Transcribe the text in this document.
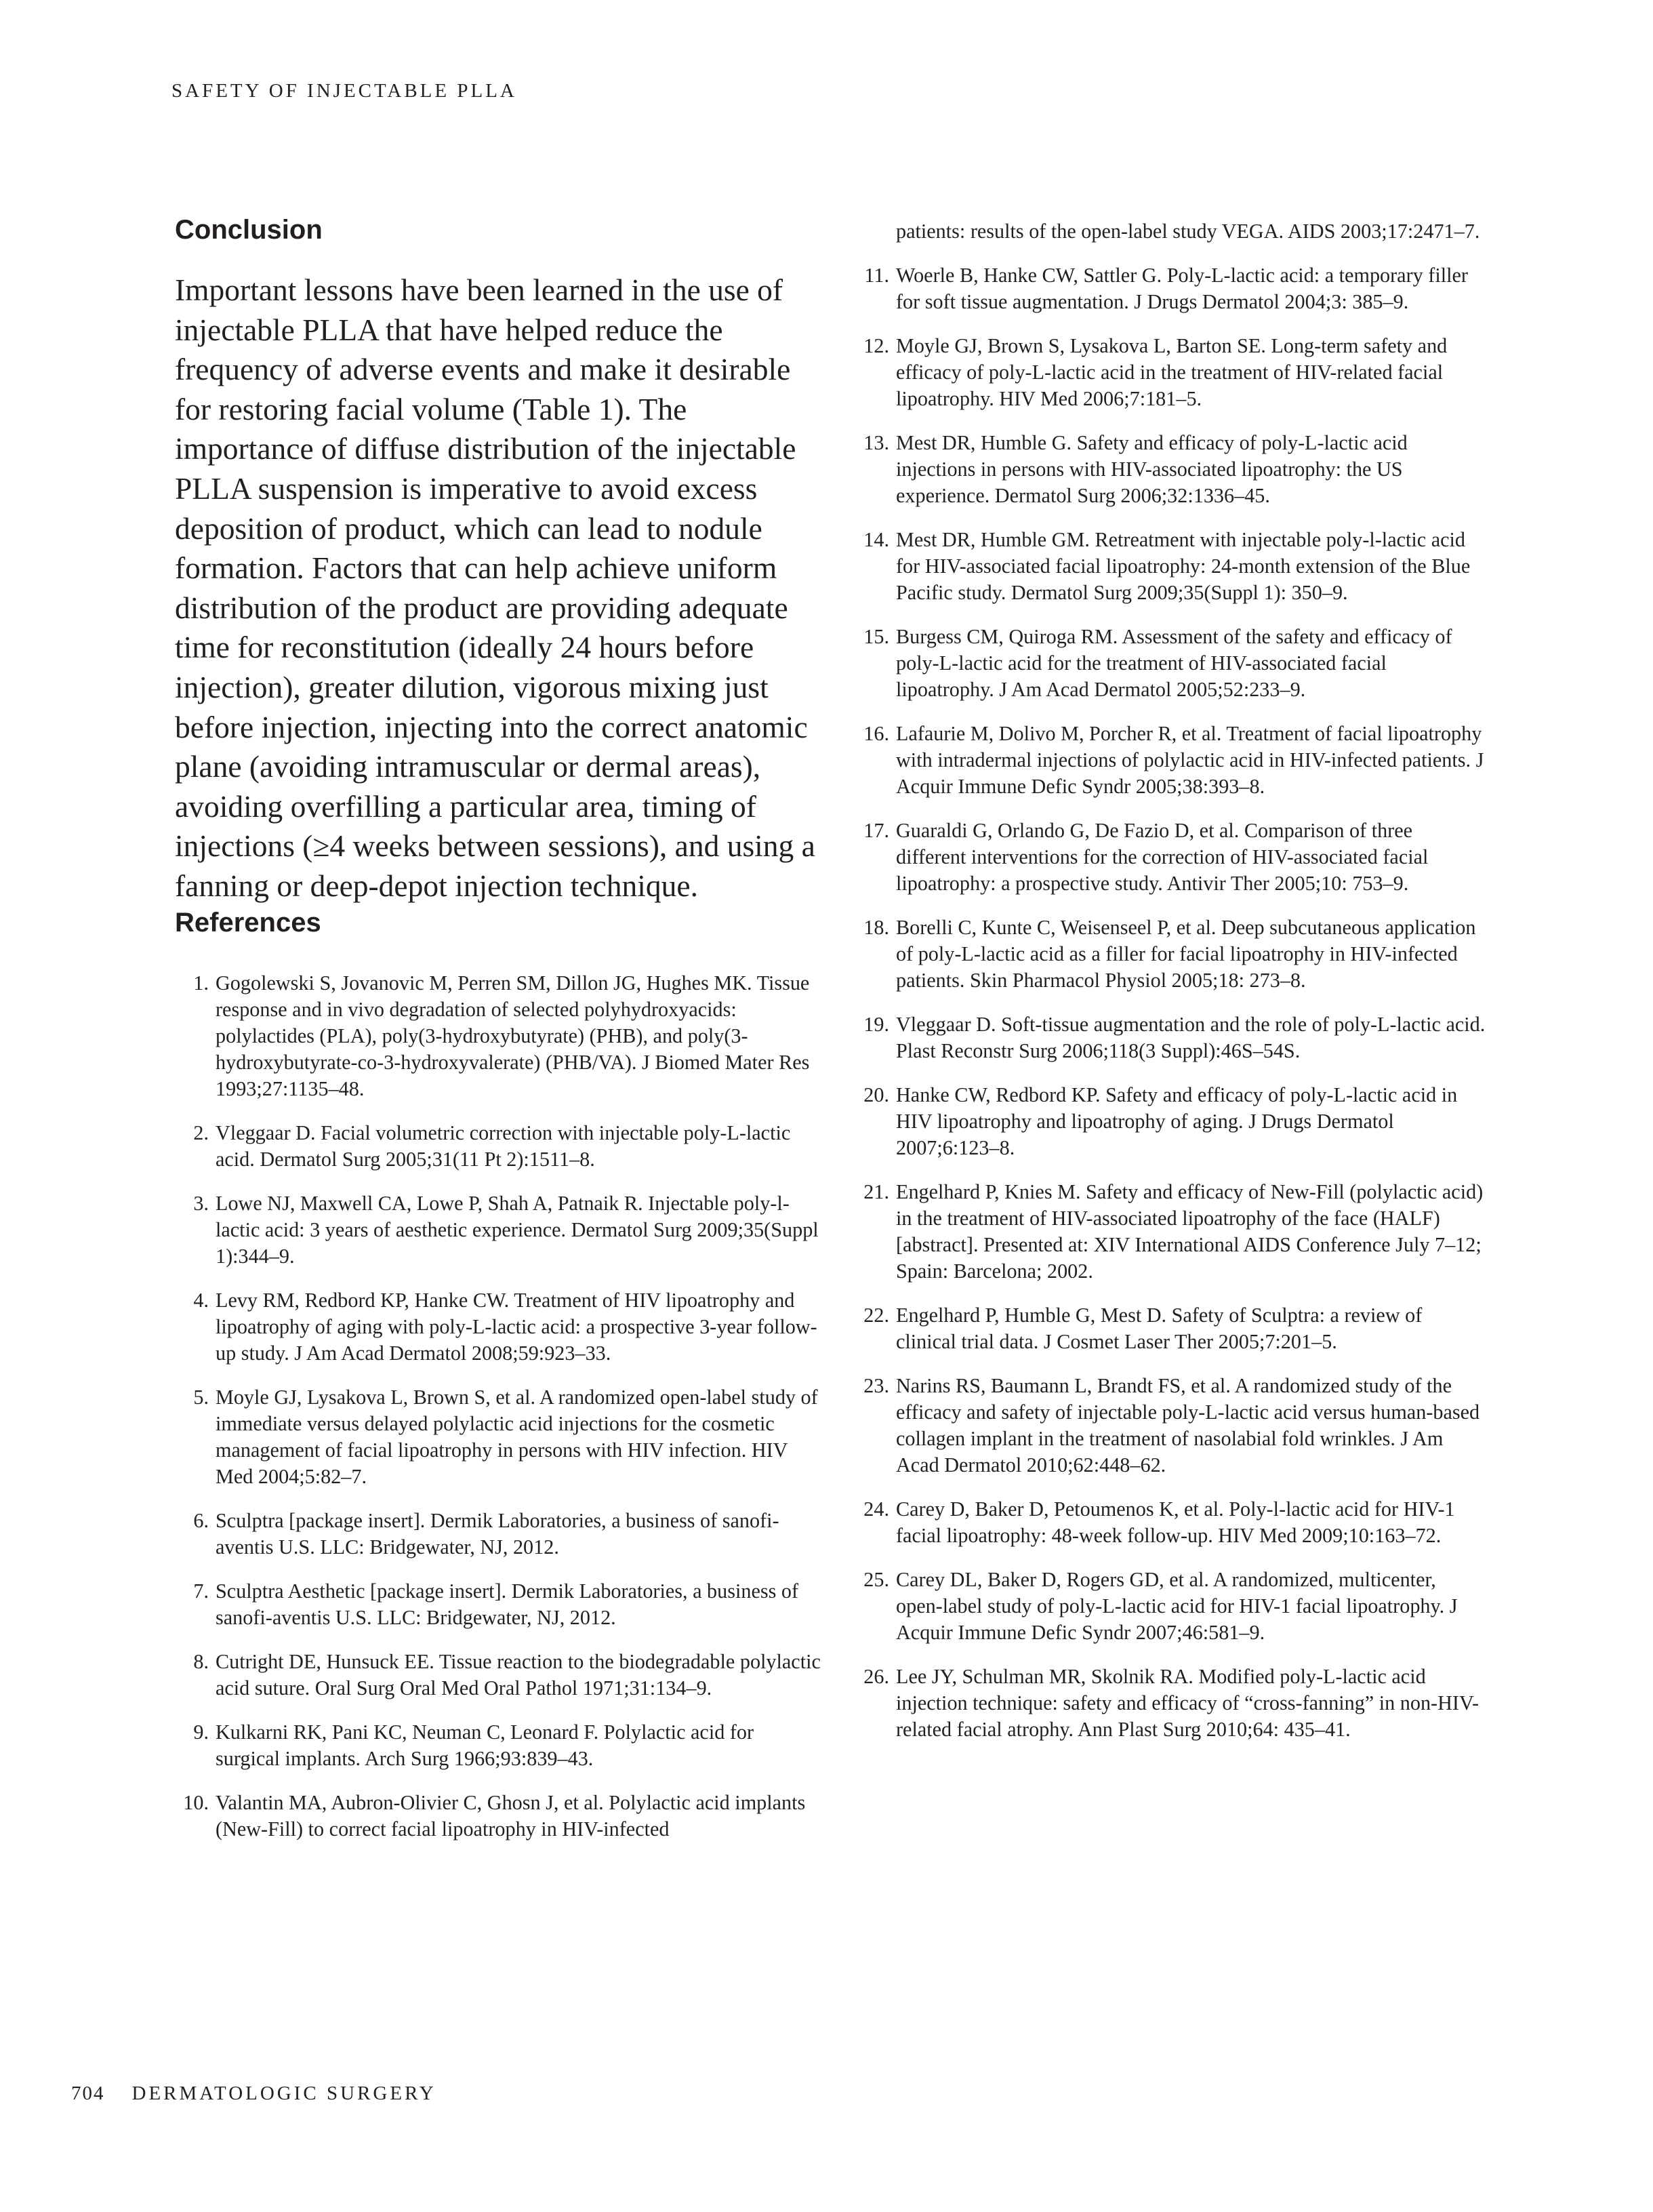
SAFETY OF INJECTABLE PLLA
Conclusion

Important lessons have been learned in the use of injectable PLLA that have helped reduce the frequency of adverse events and make it desirable for restoring facial volume (Table 1). The importance of diffuse distribution of the injectable PLLA suspension is imperative to avoid excess deposition of product, which can lead to nodule formation. Factors that can help achieve uniform distribution of the product are providing adequate time for reconstitution (ideally 24 hours before injection), greater dilution, vigorous mixing just before injection, injecting into the correct anatomic plane (avoiding intramuscular or dermal areas), avoiding overfilling a particular area, timing of injections (≥4 weeks between sessions), and using a fanning or deep-depot injection technique.

References
1. Gogolewski S, Jovanovic M, Perren SM, Dillon JG, Hughes MK. Tissue response and in vivo degradation of selected polyhydroxyacids: polylactides (PLA), poly(3-hydroxybutyrate) (PHB), and poly(3-hydroxybutyrate-co-3-hydroxyvalerate) (PHB/VA). J Biomed Mater Res 1993;27:1135–48.
2. Vleggaar D. Facial volumetric correction with injectable poly-L-lactic acid. Dermatol Surg 2005;31(11 Pt 2):1511–8.
3. Lowe NJ, Maxwell CA, Lowe P, Shah A, Patnaik R. Injectable poly-l-lactic acid: 3 years of aesthetic experience. Dermatol Surg 2009;35(Suppl 1):344–9.
4. Levy RM, Redbord KP, Hanke CW. Treatment of HIV lipoatrophy and lipoatrophy of aging with poly-L-lactic acid: a prospective 3-year follow-up study. J Am Acad Dermatol 2008;59:923–33.
5. Moyle GJ, Lysakova L, Brown S, et al. A randomized open-label study of immediate versus delayed polylactic acid injections for the cosmetic management of facial lipoatrophy in persons with HIV infection. HIV Med 2004;5:82–7.
6. Sculptra [package insert]. Dermik Laboratories, a business of sanofi-aventis U.S. LLC: Bridgewater, NJ, 2012.
7. Sculptra Aesthetic [package insert]. Dermik Laboratories, a business of sanofi-aventis U.S. LLC: Bridgewater, NJ, 2012.
8. Cutright DE, Hunsuck EE. Tissue reaction to the biodegradable polylactic acid suture. Oral Surg Oral Med Oral Pathol 1971;31:134–9.
9. Kulkarni RK, Pani KC, Neuman C, Leonard F. Polylactic acid for surgical implants. Arch Surg 1966;93:839–43.
10. Valantin MA, Aubron-Olivier C, Ghosn J, et al. Polylactic acid implants (New-Fill) to correct facial lipoatrophy in HIV-infected
patients: results of the open-label study VEGA. AIDS 2003;17:2471–7.
11. Woerle B, Hanke CW, Sattler G. Poly-L-lactic acid: a temporary filler for soft tissue augmentation. J Drugs Dermatol 2004;3: 385–9.
12. Moyle GJ, Brown S, Lysakova L, Barton SE. Long-term safety and efficacy of poly-L-lactic acid in the treatment of HIV-related facial lipoatrophy. HIV Med 2006;7:181–5.
13. Mest DR, Humble G. Safety and efficacy of poly-L-lactic acid injections in persons with HIV-associated lipoatrophy: the US experience. Dermatol Surg 2006;32:1336–45.
14. Mest DR, Humble GM. Retreatment with injectable poly-l-lactic acid for HIV-associated facial lipoatrophy: 24-month extension of the Blue Pacific study. Dermatol Surg 2009;35(Suppl 1): 350–9.
15. Burgess CM, Quiroga RM. Assessment of the safety and efficacy of poly-L-lactic acid for the treatment of HIV-associated facial lipoatrophy. J Am Acad Dermatol 2005;52:233–9.
16. Lafaurie M, Dolivo M, Porcher R, et al. Treatment of facial lipoatrophy with intradermal injections of polylactic acid in HIV-infected patients. J Acquir Immune Defic Syndr 2005;38:393–8.
17. Guaraldi G, Orlando G, De Fazio D, et al. Comparison of three different interventions for the correction of HIV-associated facial lipoatrophy: a prospective study. Antivir Ther 2005;10: 753–9.
18. Borelli C, Kunte C, Weisenseel P, et al. Deep subcutaneous application of poly-L-lactic acid as a filler for facial lipoatrophy in HIV-infected patients. Skin Pharmacol Physiol 2005;18: 273–8.
19. Vleggaar D. Soft-tissue augmentation and the role of poly-L-lactic acid. Plast Reconstr Surg 2006;118(3 Suppl):46S–54S.
20. Hanke CW, Redbord KP. Safety and efficacy of poly-L-lactic acid in HIV lipoatrophy and lipoatrophy of aging. J Drugs Dermatol 2007;6:123–8.
21. Engelhard P, Knies M. Safety and efficacy of New-Fill (polylactic acid) in the treatment of HIV-associated lipoatrophy of the face (HALF) [abstract]. Presented at: XIV International AIDS Conference July 7–12; Spain: Barcelona; 2002.
22. Engelhard P, Humble G, Mest D. Safety of Sculptra: a review of clinical trial data. J Cosmet Laser Ther 2005;7:201–5.
23. Narins RS, Baumann L, Brandt FS, et al. A randomized study of the efficacy and safety of injectable poly-L-lactic acid versus human-based collagen implant in the treatment of nasolabial fold wrinkles. J Am Acad Dermatol 2010;62:448–62.
24. Carey D, Baker D, Petoumenos K, et al. Poly-l-lactic acid for HIV-1 facial lipoatrophy: 48-week follow-up. HIV Med 2009;10:163–72.
25. Carey DL, Baker D, Rogers GD, et al. A randomized, multicenter, open-label study of poly-L-lactic acid for HIV-1 facial lipoatrophy. J Acquir Immune Defic Syndr 2007;46:581–9.
26. Lee JY, Schulman MR, Skolnik RA. Modified poly-L-lactic acid injection technique: safety and efficacy of “cross-fanning” in non-HIV-related facial atrophy. Ann Plast Surg 2010;64: 435–41.
704 DERMATOLOGIC SURGERY
